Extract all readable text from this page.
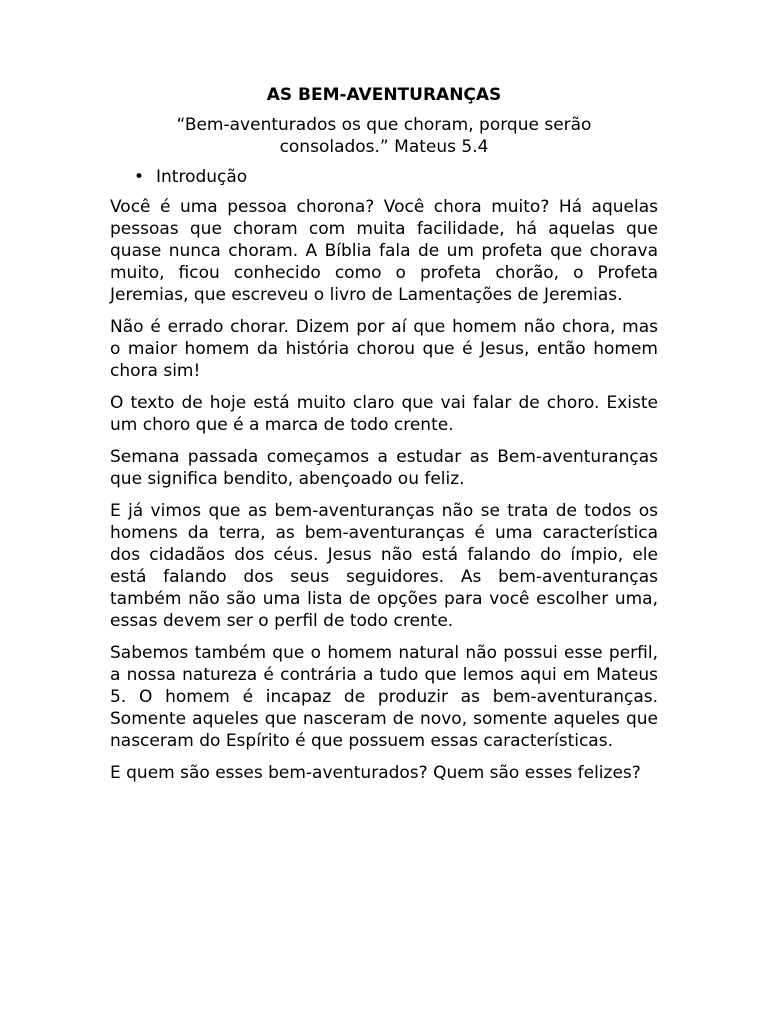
AS BEM-AVENTURANÇAS
“Bem-aventurados os que choram, porque serão consolados.” Mateus 5.4
• Introdução

Você é uma pessoa chorona? Você chora muito? Há aquelas pessoas que choram com muita facilidade, há aquelas que quase nunca choram. A Bíblia fala de um profeta que chorava muito, ficou conhecido como o profeta chorão, o Profeta Jeremias, que escreveu o livro de Lamentações de Jeremias.

Não é errado chorar. Dizem por aí que homem não chora, mas o maior homem da história chorou que é Jesus, então homem chora sim!

O texto de hoje está muito claro que vai falar de choro. Existe um choro que é a marca de todo crente.

Semana passada começamos a estudar as Bem-aventuranças que significa bendito, abençoado ou feliz.

E já vimos que as bem-aventuranças não se trata de todos os homens da terra, as bem-aventuranças é uma característica dos cidadãos dos céus. Jesus não está falando do ímpio, ele está falando dos seus seguidores. As bem-aventuranças também não são uma lista de opções para você escolher uma, essas devem ser o perfil de todo crente.

Sabemos também que o homem natural não possui esse perfil, a nossa natureza é contrária a tudo que lemos aqui em Mateus 5. O homem é incapaz de produzir as bem-aventuranças. Somente aqueles que nasceram de novo, somente aqueles que nasceram do Espírito é que possuem essas características.

E quem são esses bem-aventurados? Quem são esses felizes?
